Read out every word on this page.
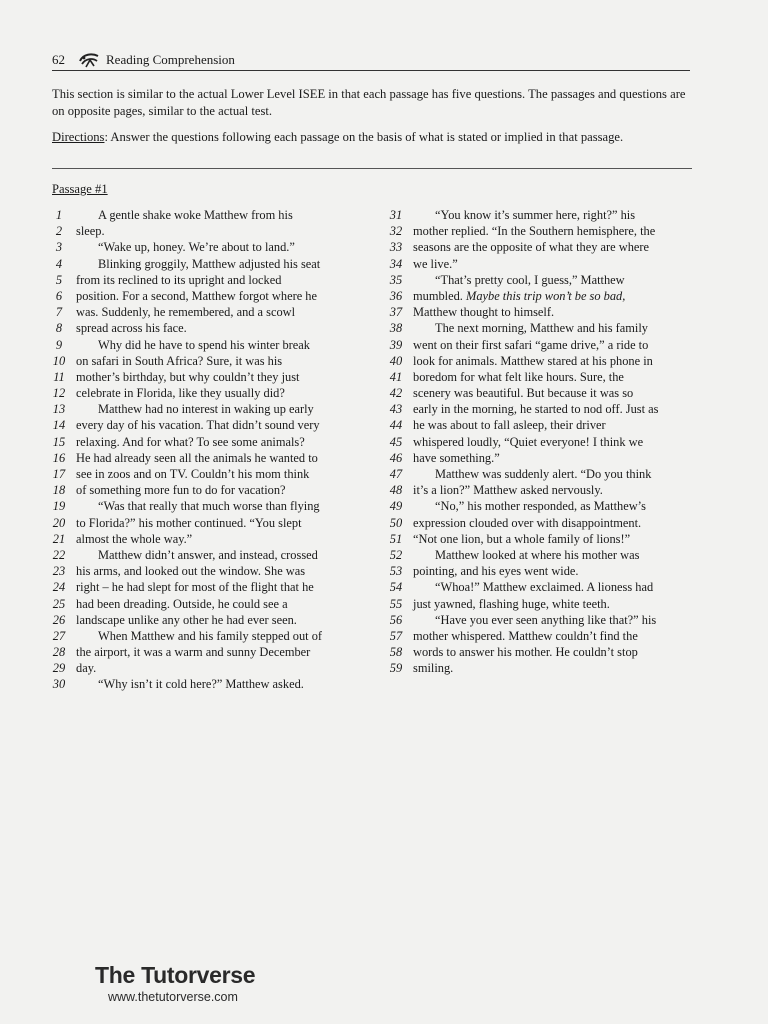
62	Reading Comprehension

This section is similar to the actual Lower Level ISEE in that each passage has five questions. The passages and questions are on opposite pages, similar to the actual test.

Directions: Answer the questions following each passage on the basis of what is stated or implied in that passage.

Passage #1
1	A gentle shake woke Matthew from his
2	sleep.
3	“Wake up, honey. We’re about to land.”
4	Blinking groggily, Matthew adjusted his seat
5	from its reclined to its upright and locked
6	position. For a second, Matthew forgot where he
7	was. Suddenly, he remembered, and a scowl
8	spread across his face.
9	Why did he have to spend his winter break
10 on safari in South Africa? Sure, it was his
11 mother’s birthday, but why couldn’t they just
12 celebrate in Florida, like they usually did?
13	Matthew had no interest in waking up early
14 every day of his vacation. That didn’t sound very
15 relaxing. And for what? To see some animals?
16 He had already seen all the animals he wanted to
17 see in zoos and on TV. Couldn’t his mom think
18 of something more fun to do for vacation?
19	“Was that really that much worse than flying
20 to Florida?” his mother continued. “You slept
21 almost the whole way.”
22	Matthew didn’t answer, and instead, crossed
23 his arms, and looked out the window. She was
24 right – he had slept for most of the flight that he
25 had been dreading. Outside, he could see a
26 landscape unlike any other he had ever seen.
27	When Matthew and his family stepped out of
28 the airport, it was a warm and sunny December
29 day.
30	“Why isn’t it cold here?” Matthew asked.
31	“You know it’s summer here, right?” his
32 mother replied. “In the Southern hemisphere, the
33 seasons are the opposite of what they are where
34 we live.”
35	“That’s pretty cool, I guess,” Matthew
36 mumbled. Maybe this trip won’t be so bad,
37 Matthew thought to himself.
38	The next morning, Matthew and his family
39 went on their first safari “game drive,” a ride to
40 look for animals. Matthew stared at his phone in
41 boredom for what felt like hours. Sure, the
42 scenery was beautiful. But because it was so
43 early in the morning, he started to nod off. Just as
44 he was about to fall asleep, their driver
45 whispered loudly, “Quiet everyone! I think we
46 have something.”
47	Matthew was suddenly alert. “Do you think
48 it’s a lion?” Matthew asked nervously.
49	“No,” his mother responded, as Matthew’s
50 expression clouded over with disappointment.
51 “Not one lion, but a whole family of lions!”
52	Matthew looked at where his mother was
53 pointing, and his eyes went wide.
54	“Whoa!” Matthew exclaimed. A lioness had
55 just yawned, flashing huge, white teeth.
56	“Have you ever seen anything like that?” his
57 mother whispered. Matthew couldn’t find the
58 words to answer his mother. He couldn’t stop
59 smiling.
The Tutorverse
www.thetutorverse.com
